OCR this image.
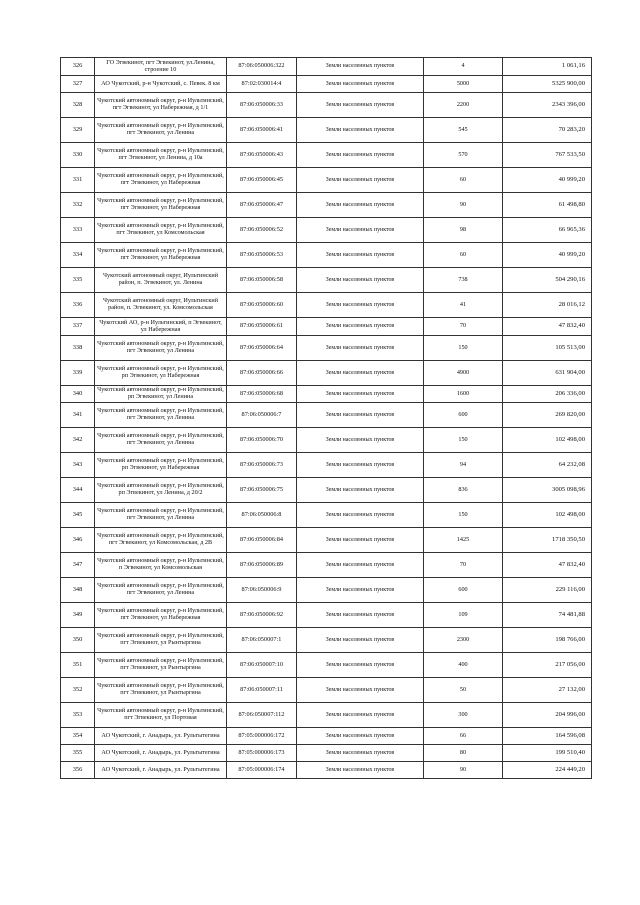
326	ГО Эгвекинот, пгт Эгвекинот, ул.Ленина, строение 10	87:06:050006:322	Земли населенных пунктов	4	1 061,16
327	АО Чукотский, р-н Чукотский, с. Певек. 8 км	87:02:030014:4	Земли населенных пунктов	5000	5325 900,00
328	Чукотский автономный округ, р-н Иультинский, пгт Эгвекинот, ул Набережная, д 1/1	87:06:050006:33	Земли населенных пунктов	2200	2343 396,00
329	Чукотский автономный округ, р-н Иультинский, пгт Эгвекинот, ул Ленина	87:06:050006:41	Земли населенных пунктов	545	70 283,20
330	Чукотский автономный округ, р-н Иультинский, пгт Эгвекинот, ул Ленина, д 10а	87:06:050006:43	Земли населенных пунктов	570	767 533,50
331	Чукотский автономный округ, р-н Иультинский, пгт Эгвекинот, ул Набережная	87:06:050006:45	Земли населенных пунктов	60	40 999,20
332	Чукотский автономный округ, р-н Иультинский, пгт Эгвекинот, ул Набережная	87:06:050006:47	Земли населенных пунктов	90	61 498,80
333	Чукотский автономный округ, р-н Иультинский, пгт Эгвекинот, ул Комсомольская	87:06:050006:52	Земли населенных пунктов	98	66 965,36
334	Чукотский автономный округ, р-н Иультинский, пгт Эгвекинот, ул Набережная	87:06:050006:53	Земли населенных пунктов	60	40 999,20
335	Чукотский автономный округ, Иультинский район, п. Эгвекинот, ул. Ленина	87:06:050006:58	Земли населенных пунктов	738	504 290,16
336	Чукотский автономный округ, Иультинский район, п. Эгвекинот, ул. Комсомольская	87:06:050006:60	Земли населенных пунктов	41	28 016,12
337	Чукотский АО, р-н Иультинский, п Эгвекинот, ул Набережная	87:06:050006:61	Земли населенных пунктов	70	47 832,40
338	Чукотский автономный округ, р-н Иультинский, пгт Эгвекинот, ул Ленина	87:06:050006:64	Земли населенных пунктов	150	105 513,00
339	Чукотский автономный округ, р-н Иультинский, рп Эгвекинот, ул Набережная	87:06:050006:66	Земли населенных пунктов	4900	631 904,00
340	Чукотский автономный округ, р-н Иультинский, рп Эгвекинот, ул Ленина	87:06:050006:68	Земли населенных пунктов	1600	206 336,00
341	Чукотский автономный округ, р-н Иультинский, пгт Эгвекинот, ул Ленина	87:06:050006:7	Земли населенных пунктов	600	269 820,00
342	Чукотский автономный округ, р-н Иультинский, пгт Эгвекинот, ул Ленина	87:06:050006:70	Земли населенных пунктов	150	102 498,00
343	Чукотский автономный округ, р-н Иультинский, рп Эгвекинот, ул Набережная	87:06:050006:73	Земли населенных пунктов	94	64 232,08
344	Чукотский автономный округ, р-н Иультинский, рп Эгвекинот, ул Ленина, д 20/2	87:06:050006:75	Земли населенных пунктов	836	3005 098,96
345	Чукотский автономный округ, р-н Иультинский, пгт Эгвекинот, ул Ленина	87:06:050006:8	Земли населенных пунктов	150	102 498,00
346	Чукотский автономный округ, р-н Иультинский, пгт Эгвекинот, ул Комсомольская, д 2В	87:06:050006:84	Земли населенных пунктов	1425	1718 350,50
347	Чукотский автономный округ, р-н Иультинский, п Эгвекинот, ул Комсомольская	87:06:050006:89	Земли населенных пунктов	70	47 832,40
348	Чукотский автономный округ, р-н Иультинский, пгт Эгвекинот, ул Ленина	87:06:050006:9	Земли населенных пунктов	600	229 116,00
349	Чукотский автономный округ, р-н Иультинский, пгт Эгвекинот, ул Набережная	87:06:050006:92	Земли населенных пунктов	109	74 481,88
350	Чукотский автономный округ, р-н Иультинский, пгт Эгвекинот, ул Рынтыргина	87:06:050007:1	Земли населенных пунктов	2300	198 766,00
351	Чукотский автономный округ, р-н Иультинский, пгт Эгвекинот, ул Рынтыргина	87:06:050007:10	Земли населенных пунктов	400	217 056,00
352	Чукотский автономный округ, р-н Иультинский, пгт Эгвекинот, ул Рынтыргина	87:06:050007:11	Земли населенных пунктов	50	27 132,00
353	Чукотский автономный округ, р-н Иультинский, пгт Эгвекинот, ул Портовая	87:06:050007:112	Земли населенных пунктов	300	204 996,00
354	АО Чукотский, г. Анадырь, ул. Рультытегина	87:05:000006:172	Земли населенных пунктов	66	164 596,08
355	АО Чукотский, г. Анадырь, ул. Рультытегина	87:05:000006:173	Земли населенных пунктов	80	199 510,40
356	АО Чукотский, г. Анадырь, ул. Рультытегина	87:05:000006:174	Земли населенных пунктов	90	224 449,20
